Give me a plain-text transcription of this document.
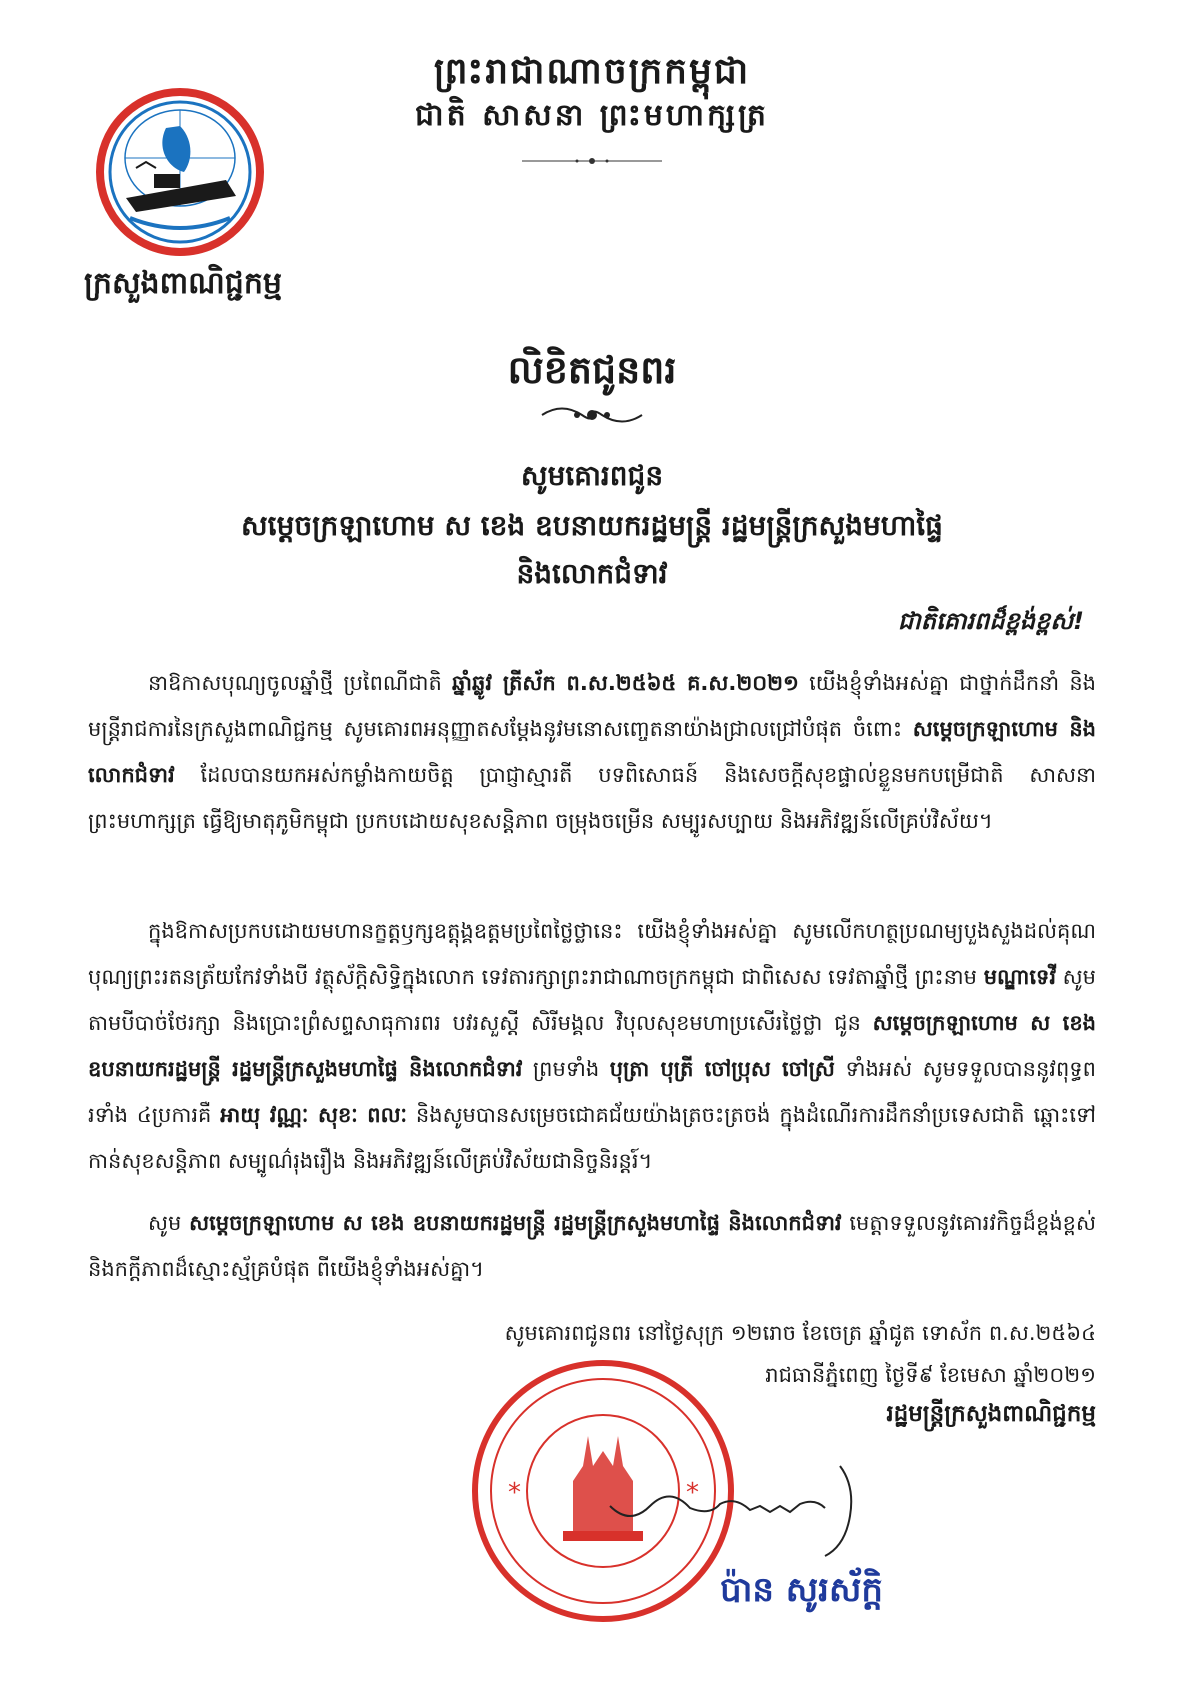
ព្រះរាជាណាចក្រកម្ពុជា
ជាតិ សាសនា ព្រះមហាក្សត្រ
ក្រសួងពាណិជ្ជកម្ម
លិខិតជូនពរ
សូមគោរពជូន
សម្តេចក្រឡាហោម ស ខេង ឧបនាយករដ្ឋមន្ត្រី រដ្ឋមន្ត្រីក្រសួងមហាផ្ទៃ
និងលោកជំទាវ
ជាតិគោរពដ៏ខ្ពង់ខ្ពស់!
នាឱកាសបុណ្យចូលឆ្នាំថ្មី ប្រពៃណីជាតិ ឆ្នាំឆ្លូវ ត្រីស័ក ព.ស.២៥៦៥ គ.ស.២០២១ យើងខ្ញុំទាំងអស់គ្នា ជាថ្នាក់ដឹកនាំ និងមន្ត្រីរាជការនៃក្រសួងពាណិជ្ជកម្ម សូមគោរពអនុញ្ញាតសម្តែងនូវមនោសញ្ចេតនាយ៉ាងជ្រាលជ្រៅបំផុត ចំពោះ សម្តេចក្រឡាហោម និងលោកជំទាវ ដែលបានយកអស់កម្លាំងកាយចិត្ត ប្រាជ្ញាស្មារតី បទពិសោធន៍ និងសេចក្តីសុខផ្ទាល់ខ្លួនមកបម្រើជាតិ សាសនា ព្រះមហាក្សត្រ ធ្វើឱ្យមាតុភូមិកម្ពុជា ប្រកបដោយសុខសន្តិភាព ចម្រុងចម្រើន សម្បូរសប្បាយ និងអភិវឌ្ឍន៍លើគ្រប់វិស័យ។
ក្នុងឱកាសប្រកបដោយមហានក្ខត្តឫក្សឧត្តុង្គឧត្តមប្រពៃថ្លៃថ្លានេះ យើងខ្ញុំទាំងអស់គ្នា សូមលើកហត្ថប្រណម្យបួងសួងដល់គុណបុណ្យព្រះរតនត្រ័យកែវទាំងបី វត្ថុស័ក្តិសិទ្ធិក្នុងលោក ទេវតារក្សាព្រះរាជាណាចក្រកម្ពុជា ជាពិសេស ទេវតាឆ្នាំថ្មី ព្រះនាម មណ្ឌាទេវី សូមតាមបីបាច់ថែរក្សា និងប្រោះព្រំសព្ទសាធុការពរ បវរសួស្តី សិរីមង្គល វិបុលសុខមហាប្រសើរថ្លៃថ្លា ជូន សម្តេចក្រឡាហោម ស ខេង ឧបនាយករដ្ឋមន្ត្រី រដ្ឋមន្ត្រីក្រសួងមហាផ្ទៃ និងលោកជំទាវ ព្រមទាំង បុត្រា បុត្រី ចៅប្រុស ចៅស្រី ទាំងអស់ សូមទទួលបាននូវពុទ្ធពរទាំង ៤ប្រការគឺ អាយុ វណ្ណៈ សុខៈ ពលៈ និងសូមបានសម្រេចជោគជ័យយ៉ាងត្រចះត្រចង់ ក្នុងដំណើរការដឹកនាំប្រទេសជាតិ ឆ្ពោះទៅកាន់សុខសន្តិភាព សម្បូណ៌រុងរឿង និងអភិវឌ្ឍន៍លើគ្រប់វិស័យជានិច្ចនិរន្តរ៍។
សូម សម្តេចក្រឡាហោម ស ខេង ឧបនាយករដ្ឋមន្ត្រី រដ្ឋមន្ត្រីក្រសួងមហាផ្ទៃ និងលោកជំទាវ មេត្តាទទួលនូវគោរវកិច្ចដ៏ខ្ពង់ខ្ពស់ និងកក្តីភាពដ៏ស្មោះស្ម័គ្របំផុត ពីយើងខ្ញុំទាំងអស់គ្នា។
សូមគោរពជូនពរ នៅថ្ងៃសុក្រ ១២រោច ខែចេត្រ ឆ្នាំជូត ទោស័ក ព.ស.២៥៦៤
រាជធានីភ្នំពេញ ថ្ងៃទី៩ ខែមេសា ឆ្នាំ២០២១
រដ្ឋមន្ត្រីក្រសួងពាណិជ្ជកម្ម
*	*
ប៉ាន សូរស័ក្តិ
